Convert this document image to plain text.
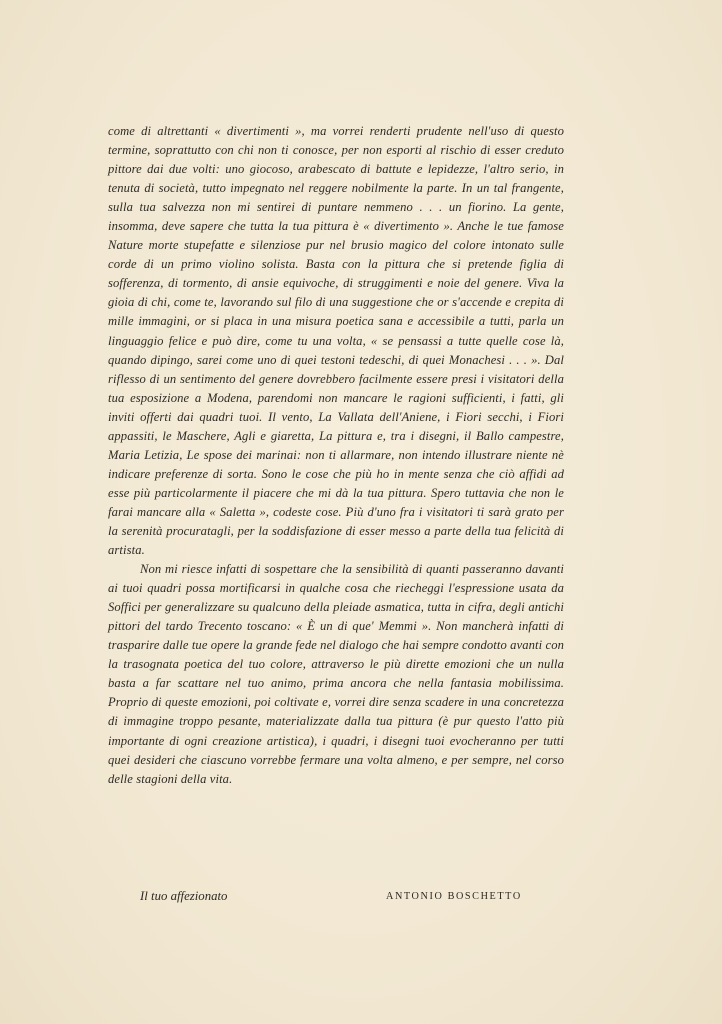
come di altrettanti « divertimenti », ma vorrei renderti prudente nell'uso di questo termine, soprattutto con chi non ti conosce, per non esporti al rischio di esser creduto pittore dai due volti: uno giocoso, arabescato di battute e lepidezze, l'altro serio, in tenuta di società, tutto impegnato nel reggere nobilmente la parte. In un tal frangente, sulla tua salvezza non mi sentirei di puntare nemmeno . . . un fiorino. La gente, insomma, deve sapere che tutta la tua pittura è « divertimento ». Anche le tue famose Nature morte stupefatte e silenziose pur nel brusio magico del colore intonato sulle corde di un primo violino solista. Basta con la pittura che si pretende figlia di sofferenza, di tormento, di ansie equivoche, di struggimenti e noie del genere. Viva la gioia di chi, come te, lavorando sul filo di una suggestione che or s'accende e crepita di mille immagini, or si placa in una misura poetica sana e accessibile a tutti, parla un linguaggio felice e può dire, come tu una volta, « se pensassi a tutte quelle cose là, quando dipingo, sarei come uno di quei testoni tedeschi, di quei Monachesi . . . ». Dal riflesso di un sentimento del genere dovrebbero facilmente essere presi i visitatori della tua esposizione a Modena, parendomi non mancare le ragioni sufficienti, i fatti, gli inviti offerti dai quadri tuoi. Il vento, La Vallata dell'Aniene, i Fiori secchi, i Fiori appassiti, le Maschere, Agli e giaretta, La pittura e, tra i disegni, il Ballo campestre, Maria Letizia, Le spose dei marinai: non ti allarmare, non intendo illustrare niente nè indicare preferenze di sorta. Sono le cose che più ho in mente senza che ciò affidi ad esse più particolarmente il piacere che mi dà la tua pittura. Spero tuttavia che non le farai mancare alla « Saletta », codeste cose. Più d'uno fra i visitatori ti sarà grato per la serenità procuratagli, per la soddisfazione di esser messo a parte della tua felicità di artista.

Non mi riesce infatti di sospettare che la sensibilità di quanti passeranno davanti ai tuoi quadri possa mortificarsi in qualche cosa che riecheggi l'espressione usata da Soffici per generalizzare su qualcuno della pleiade asmatica, tutta in cifra, degli antichi pittori del tardo Trecento toscano: « È un di que' Memmi ». Non mancherà infatti di trasparire dalle tue opere la grande fede nel dialogo che hai sempre condotto avanti con la trasognata poetica del tuo colore, attraverso le più dirette emozioni che un nulla basta a far scattare nel tuo animo, prima ancora che nella fantasia mobilissima. Proprio di queste emozioni, poi coltivate e, vorrei dire senza scadere in una concretezza di immagine troppo pesante, materializzate dalla tua pittura (è pur questo l'atto più importante di ogni creazione artistica), i quadri, i disegni tuoi evocheranno per tutti quei desideri che ciascuno vorrebbe fermare una volta almeno, e per sempre, nel corso delle stagioni della vita.

Il tuo affezionato	ANTONIO BOSCHETTO
